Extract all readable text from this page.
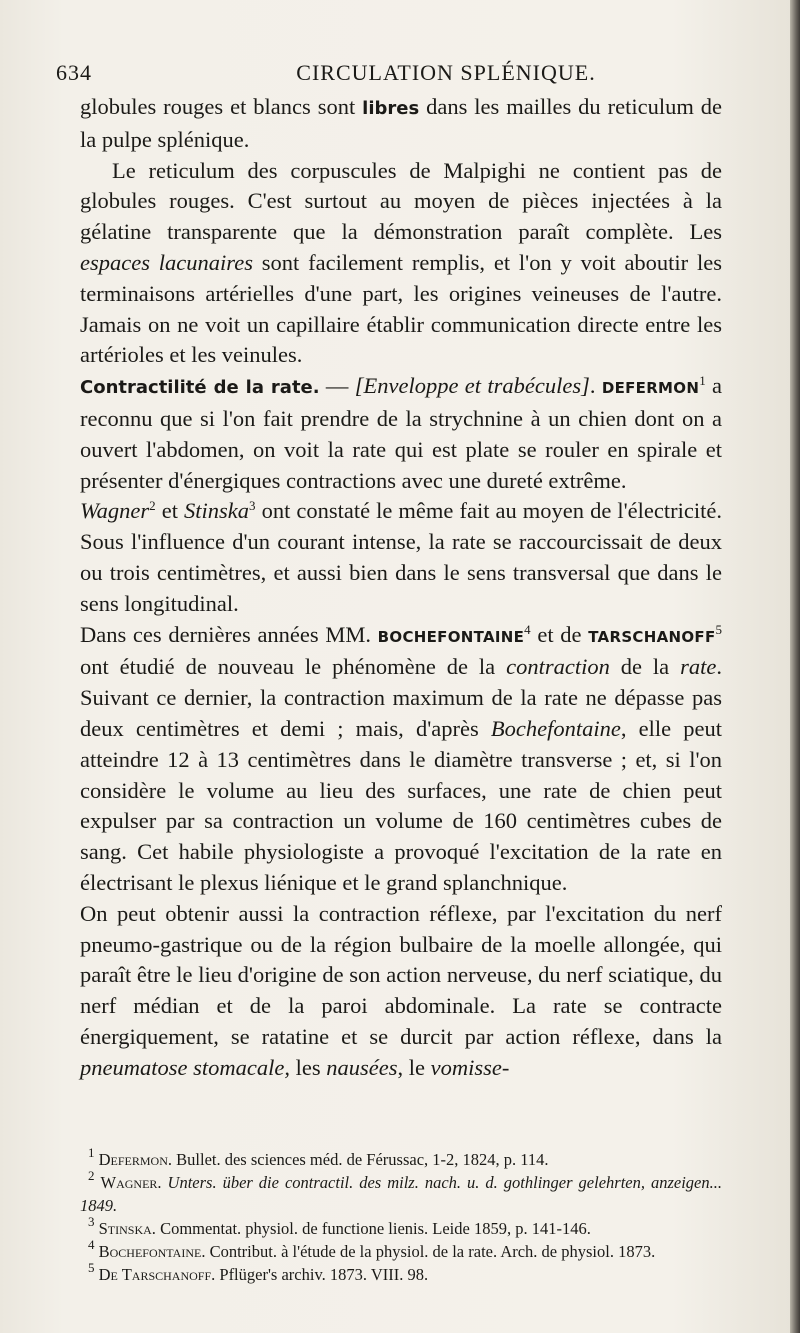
634	CIRCULATION SPLÉNIQUE.

globules rouges et blancs sont libres dans les mailles du reticulum de la pulpe splénique.

Le reticulum des corpuscules de Malpighi ne contient pas de globules rouges. C'est surtout au moyen de pièces injectées à la gélatine transparente que la démonstration paraît complète. Les espaces lacunaires sont facilement remplis, et l'on y voit aboutir les terminaisons artérielles d'une part, les origines veineuses de l'autre. Jamais on ne voit un capillaire établir communication directe entre les artérioles et les veinules.

Contractilité de la rate. — [Enveloppe et trabécules]. DEFERMON$^1$ a reconnu que si l'on fait prendre de la strychnine à un chien dont on a ouvert l'abdomen, on voit la rate qui est plate se rouler en spirale et présenter d'énergiques contractions avec une dureté extrême.

Wagner$^2$ et Stinska$^3$ ont constaté le même fait au moyen de l'électricité. Sous l'influence d'un courant intense, la rate se raccourcissait de deux ou trois centimètres, et aussi bien dans le sens transversal que dans le sens longitudinal.

Dans ces dernières années MM. BOCHEFONTAINE$^4$ et de TARSCHANOFF$^5$ ont étudié de nouveau le phénomène de la contraction de la rate. Suivant ce dernier, la contraction maximum de la rate ne dépasse pas deux centimètres et demi ; mais, d'après Bochefontaine, elle peut atteindre 12 à 13 centimètres dans le diamètre transverse ; et, si l'on considère le volume au lieu des surfaces, une rate de chien peut expulser par sa contraction un volume de 160 centimètres cubes de sang. Cet habile physiologiste a provoqué l'excitation de la rate en électrisant le plexus liénique et le grand splanchnique.

On peut obtenir aussi la contraction réflexe, par l'excitation du nerf pneumo-gastrique ou de la région bulbaire de la moelle allongée, qui paraît être le lieu d'origine de son action nerveuse, du nerf sciatique, du nerf médian et de la paroi abdominale. La rate se contracte énergiquement, se ratatine et se durcit par action réflexe, dans la pneumatose stomacale, les nausées, le vomisse-

$^1$ Defermon. Bullet. des sciences méd. de Férussac, 1-2, 1824, p. 114.

$^2$ Wagner. Unters. über die contractil. des milz. nach. u. d. gothlinger gelehrten, anzeigen... 1849.

$^3$ Stinska. Commentat. physiol. de functione lienis. Leide 1859, p. 141-146.

$^4$ Bochefontaine. Contribut. à l'étude de la physiol. de la rate. Arch. de physiol. 1873.

$^5$ De Tarschanoff. Pflüger's archiv. 1873. VIII. 98.
